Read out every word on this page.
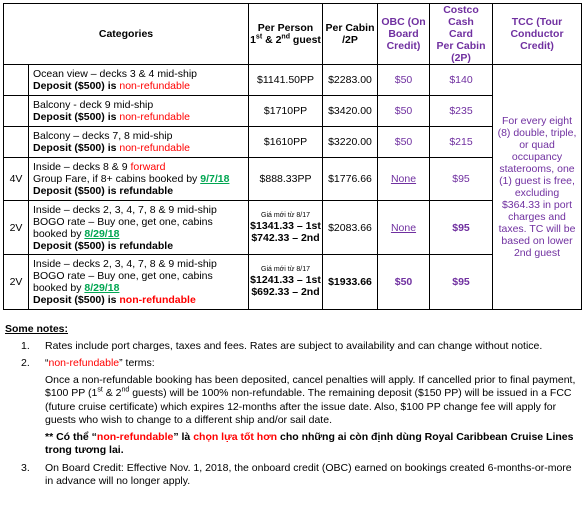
Categories		Per Person
1st & 2nd guest	Per Cabin
/2P	OBC (On
Board
Credit)	Costco Cash
Card
Per Cabin
(2P)	TCC (Tour
Conductor
Credit)
	Ocean view – decks 3 & 4 mid-ship
Deposit ($500) is non-refundable	$1141.50PP	$2283.00	$50	$140	For every eight (8) double, triple, or quad occupancy staterooms, one (1) guest is free, excluding $364.33 in port charges and taxes. TC will be based on lower 2nd guest
	Balcony - deck 9 mid-ship
Deposit ($500) is non-refundable	$1710PP	$3420.00	$50	$235	
	Balcony – decks 7, 8 mid-ship
Deposit ($500) is non-refundable	$1610PP	$3220.00	$50	$215	
4V	Inside – decks 8 & 9 forward
Group Fare, if 8+ cabins booked by 9/7/18
Deposit ($500) is refundable	$888.33PP	$1776.66	None	$95	
2V	Inside – decks 2, 3, 4, 7, 8 & 9 mid-ship
BOGO rate – Buy one, get one, cabins
booked by 8/29/18
Deposit ($500) is refundable	Giá mới từ 8/17
$1341.33 – 1st
$742.33 – 2nd	$2083.66	None	$95	
2V	Inside – decks 2, 3, 4, 7, 8 & 9 mid-ship
BOGO rate – Buy one, get one, cabins
booked by 8/29/18
Deposit ($500) is non-refundable	Giá mới từ 8/17
$1241.33 – 1st
$692.33 – 2nd	$1933.66	$50	$95	
Some notes:
1. Rates include port charges, taxes and fees. Rates are subject to availability and can change without notice.

2. “non-refundable” terms:

Once a non-refundable booking has been deposited, cancel penalties will apply. If cancelled prior to final payment, $100 PP (1st & 2nd guests) will be 100% non-refundable. The remaining deposit ($150 PP) will be issued in a FCC (future cruise certificate) which expires 12-months after the issue date. Also, $100 PP change fee will apply for guests who wish to change to a different ship and/or sail date.

** Có thể “non-refundable” là chọn lựa tốt hơn cho những ai còn định dùng Royal Caribbean Cruise Lines trong tương lai.

3. On Board Credit: Effective Nov. 1, 2018, the onboard credit (OBC) earned on bookings created 6-months-or-more in advance will no longer apply.
